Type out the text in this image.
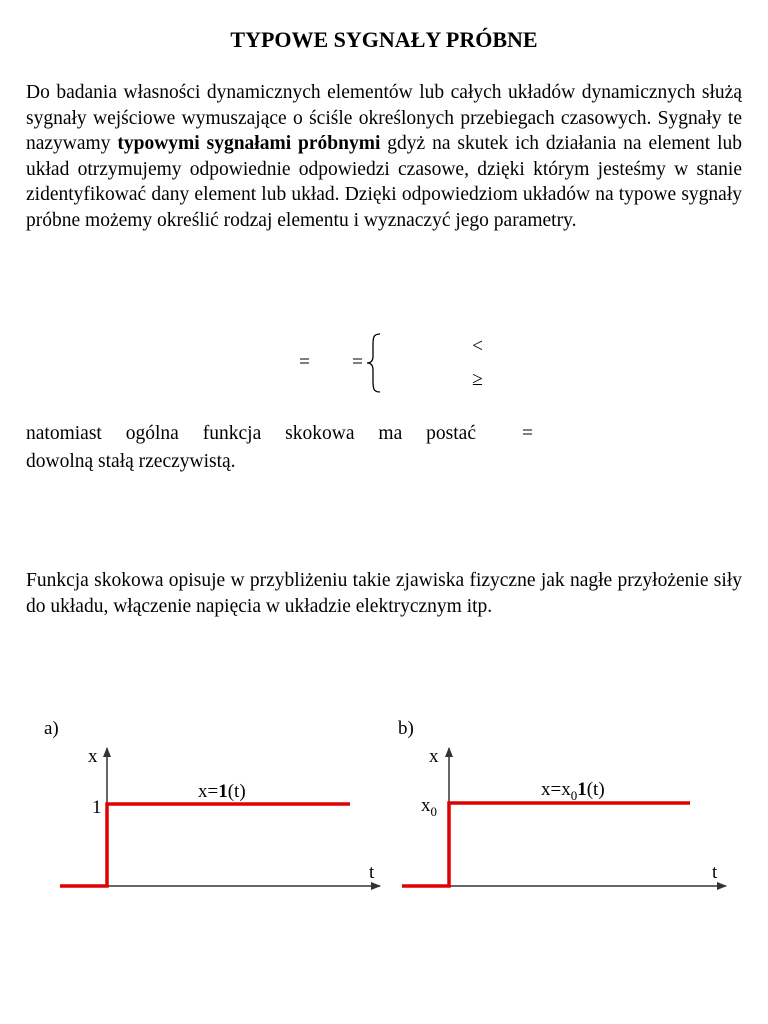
TYPOWE SYGNAŁY PRÓBNE

Do badania własności dynamicznych elementów lub całych układów dynamicznych służą sygnały wejściowe wymuszające o ściśle określonych przebiegach czasowych. Sygnały te nazywamy typowymi sygnałami próbnymi gdyż na skutek ich działania na element lub układ otrzymujemy odpowiednie odpowiedzi czasowe, dzięki którym jesteśmy w stanie zidentyfikować dany element lub układ. Dzięki odpowiedziom układów na typowe sygnały próbne możemy określić rodzaj elementu i wyznaczyć jego parametry.

= =
<
≥

natomiast ogólna funkcja skokowa ma postać =

dowolną stałą rzeczywistą.

Funkcja skokowa opisuje w przybliżeniu takie zjawiska fizyczne jak nagłe przyłożenie siły do układu, włączenie napięcia w układzie elektrycznym itp.

a)
x
t
1
x=1(t)
b)
x
t
$x_0$
$x=x_01(t)$
